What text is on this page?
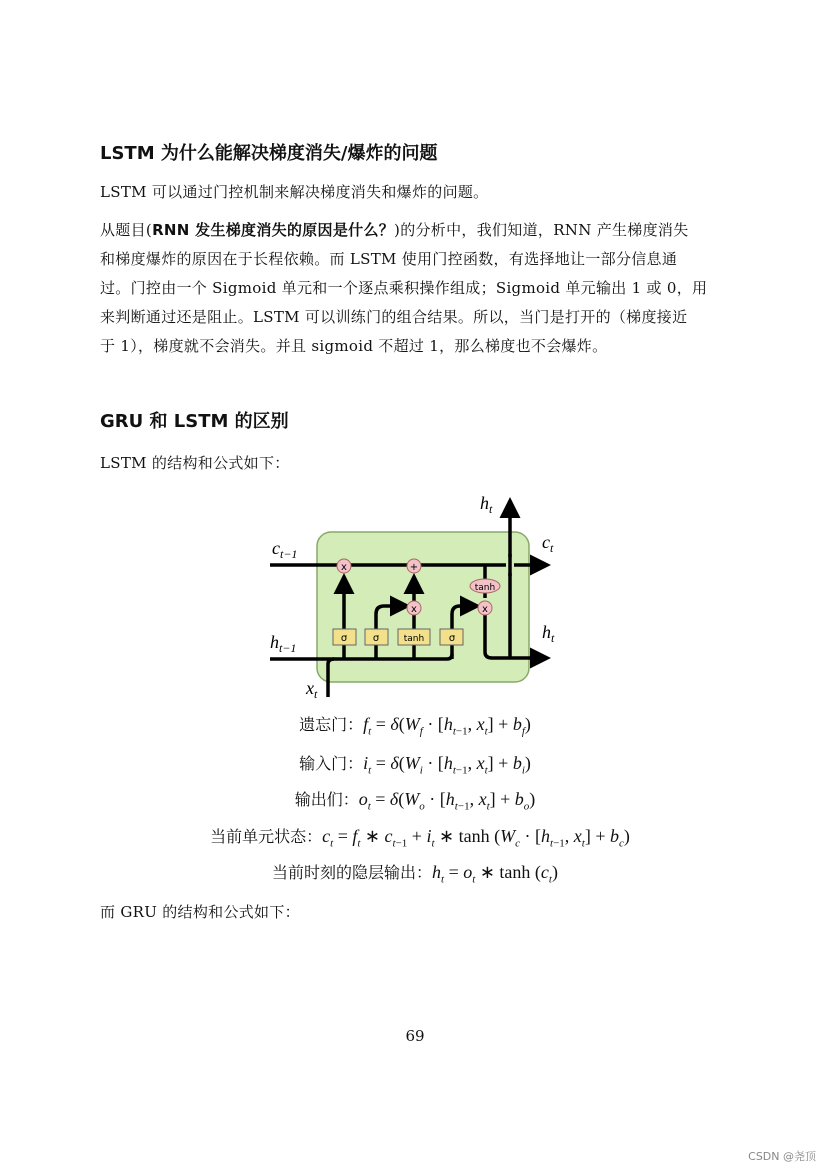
LSTM 为什么能解决梯度消失/爆炸的问题
LSTM 可以通过门控机制来解决梯度消失和爆炸的问题。
从题目(RNN 发生梯度消失的原因是什么？)的分析中，我们知道，RNN 产生梯度消失
和梯度爆炸的原因在于长程依赖。而 LSTM 使用门控函数，有选择地让一部分信息通
过。门控由一个 Sigmoid 单元和一个逐点乘积操作组成；Sigmoid 单元输出 1 或 0，用
来判断通过还是阻止。LSTM 可以训练门的组合结果。所以，当门是打开的（梯度接近
于 1），梯度就不会消失。并且 sigmoid 不超过 1，那么梯度也不会爆炸。
GRU 和 LSTM 的区别
LSTM 的结构和公式如下：
x	+
x	x
tanh
σ	σ	tanh σ
$c_{t-1}$
$h_{t-1}$
$x_t$
$c_t$
$h_t$
$h_t$
遗忘门：$f_t = \delta(W_f \cdot [h_{t-1}$, $x_t] + b_f$)
输入门：$i_t = \delta(W_i \cdot [h_{t-1}$, $x_t] + b_i$)
输出们：$o_t = \delta(W_o \cdot [h_{t-1}$, $x_t] + b_o$)
当前单元状态：$c_t = f_t$ ∗ $c_{t-1} + i_t$ ∗ $\tanh (W_c \cdot [h_{t-1}$, $x_t] + b_c$)
当前时刻的隐层输出：$h_t = o_t$ ∗ $\tanh (c_t)$
而 GRU 的结构和公式如下：
69
CSDN @尧顶
